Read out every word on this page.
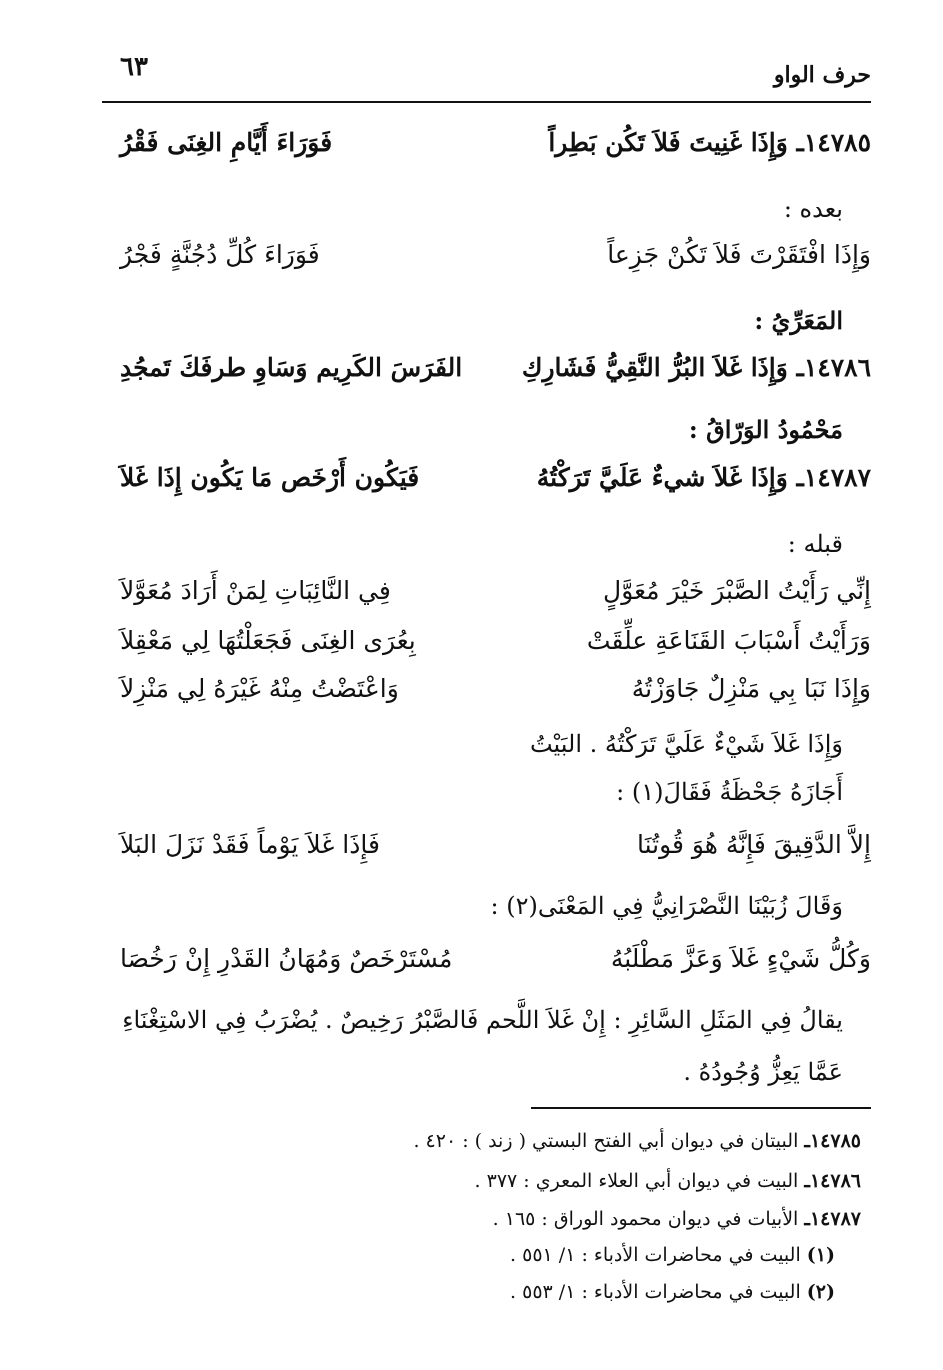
حرف الواو
٦٣
١٤٧٨٥ـ وَإِذَا غَنِيتَ فَلاَ تَكُن بَطِراً
فَوَرَاءَ أَيَّامِ الغِنَى فَقْرُ
بعده :
وَإِذَا افْتَقَرْتَ فَلاَ تَكُنْ جَزِعاً
فَوَرَاءَ كُلِّ دُجُنَّةٍ فَجْرُ
المَعَرِّيُ :
١٤٧٨٦ـ وَإِذَا غَلاَ البُرُّ النَّقِيُّ فَشَارِكِ
الفَرَسَ الكَرِيم وَسَاوِ طرفَكَ تَمجُدِ
مَحْمُودُ الوَرّاقُ :
١٤٧٨٧ـ وَإِذَا غَلاَ شيءٌ عَلَيَّ تَرَكْتُهُ
فَيَكُون أَرْخَص مَا يَكُون إِذَا غَلاَ
قبله :
إِنِّي رَأَيْتُ الصَّبْرَ خَيْرَ مُعَوَّلٍ
فِي النَّائِبَاتِ لِمَنْ أَرَادَ مُعَوَّلاَ
وَرَأَيْتُ أَسْبَابَ القَنَاعَةِ علِّقَتْ
بِعُرَى الغِنَى فَجَعَلْتُهَا لِي مَعْقِلاَ
وَإِذَا نَبَا بِي مَنْزِلٌ جَاوَزْتُهُ
وَاعْتَضْتُ مِنْهُ غَيْرَهُ لِي مَنْزِلاَ
وَإِذَا غَلاَ شَيْءٌ عَلَيَّ تَرَكْتُهُ . البَيْتُ
أَجَازَهُ جَحْظَةُ فَقَالَ(١) :
إِلاَّ الدَّقِيقَ فَإِنَّهُ هُوَ قُوتُنَا
فَإِذَا غَلاَ يَوْماً فَقَدْ نَزَلَ البَلاَ
وَقَالَ زُبَيْنَا النَّصْرَانِيُّ فِي المَعْنَى(٢) :
وَكُلُّ شَيْءٍ غَلاَ وَعَزَّ مَطْلَبُهُ
مُسْتَرْخَصٌ وَمُهَانُ القَدْرِ إِنْ رَخُصَا
يقالُ فِي المَثَلِ السَّائِرِ : إِنْ غَلاَ اللَّحم فَالصَّبْرُ رَخِيصٌ . يُضْرَبُ فِي الاسْتِغْنَاءِ عَمَّا يَعِزُّ وُجُودُهُ .
١٤٧٨٥ـ البيتان في ديوان أبي الفتح البستي ( زند ) : ٤٢٠ .
١٤٧٨٦ـ البيت في ديوان أبي العلاء المعري : ٣٧٧ .
١٤٧٨٧ـ الأبيات في ديوان محمود الوراق : ١٦٥ .
(١) البيت في محاضرات الأدباء : ١/ ٥٥١ .
(٢) البيت في محاضرات الأدباء : ١/ ٥٥٣ .
